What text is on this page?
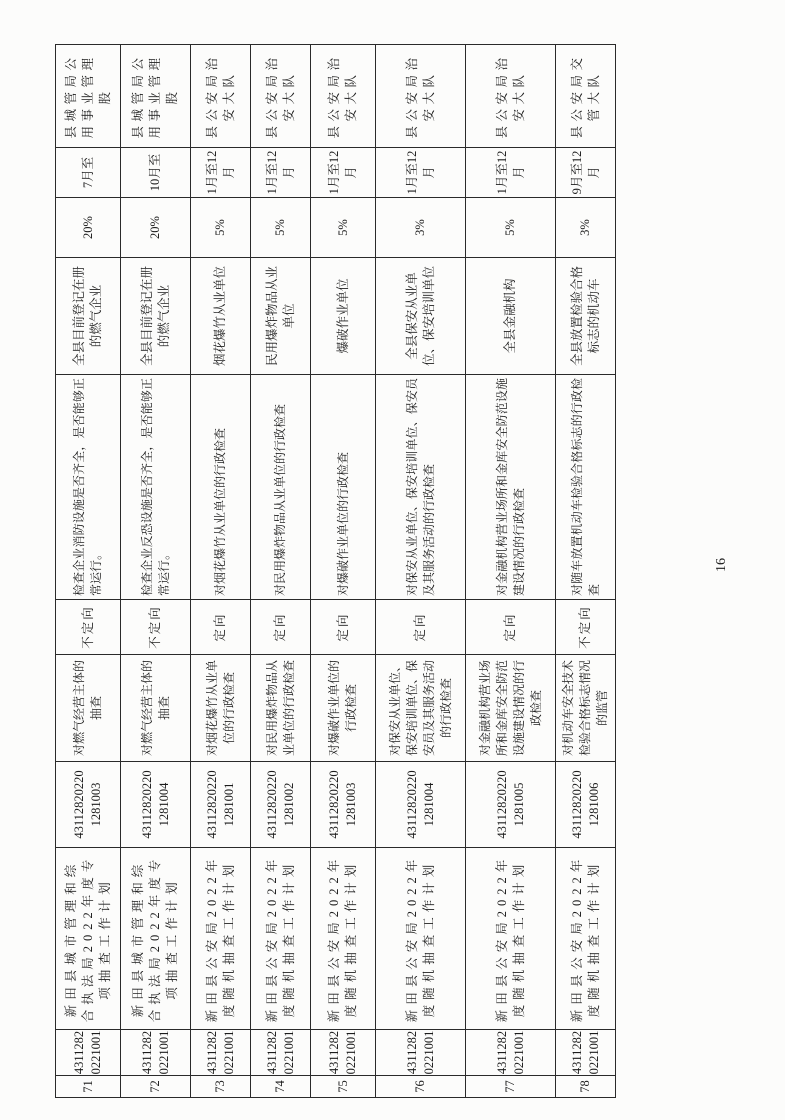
71	43112820221001	新田县城市管理和综合执法局2022年度专项抽查工作计划	431128202201281003	对燃气经营主体的抽查	不定向	检查企业消防设施是否齐全，是否能够正常运行。	全县目前登记在册的燃气企业	20%	7月至	县城管局公用事业管理股
72	43112820221001	新田县城市管理和综合执法局2022年度专项抽查工作计划	431128202201281004	对燃气经营主体的抽查	不定向	检查企业反恐设施是否齐全，是否能够正常运行。	全县目前登记在册的燃气企业	20%	10月至	县城管局公用事业管理股
73	43112820221001	新田县公安局2022年度随机抽查工作计划	431128202201281001	对烟花爆竹从业单位的行政检查	定向	对烟花爆竹从业单位的行政检查	烟花爆竹从业单位	5%	1月至12月	县公安局治安大队
74	43112820221001	新田县公安局2022年度随机抽查工作计划	431128202201281002	对民用爆炸物品从业单位的行政检查	定向	对民用爆炸物品从业单位的行政检查	民用爆炸物品从业单位	5%	1月至12月	县公安局治安大队
75	43112820221001	新田县公安局2022年度随机抽查工作计划	431128202201281003	对爆破作业单位的行政检查	定向	对爆破作业单位的行政检查	爆破作业单位	5%	1月至12月	县公安局治安大队
76	43112820221001	新田县公安局2022年度随机抽查工作计划	431128202201281004	对保安从业单位、保安培训单位、保安员及其服务活动的行政检查	定向	对保安从业单位、保安培训单位、保安员及其服务活动的行政检查	全县保安从业单位、保安培训单位	3%	1月至12月	县公安局治安大队
77	43112820221001	新田县公安局2022年度随机抽查工作计划	431128202201281005	对金融机构营业场所和金库安全防范设施建设情况的行政检查	定向	对金融机构营业场所和金库安全防范设施建设情况的行政检查	全县金融机构	5%	1月至12月	县公安局治安大队
78	43112820221001	新田县公安局2022年度随机抽查工作计划	431128202201281006	对机动车安全技术检验合格标志情况的监管	不定向	对随车放置机动车检验合格标志的行政检查	全县放置检验合格标志的机动车	3%	9月至12月	县公安局交管大队
16
